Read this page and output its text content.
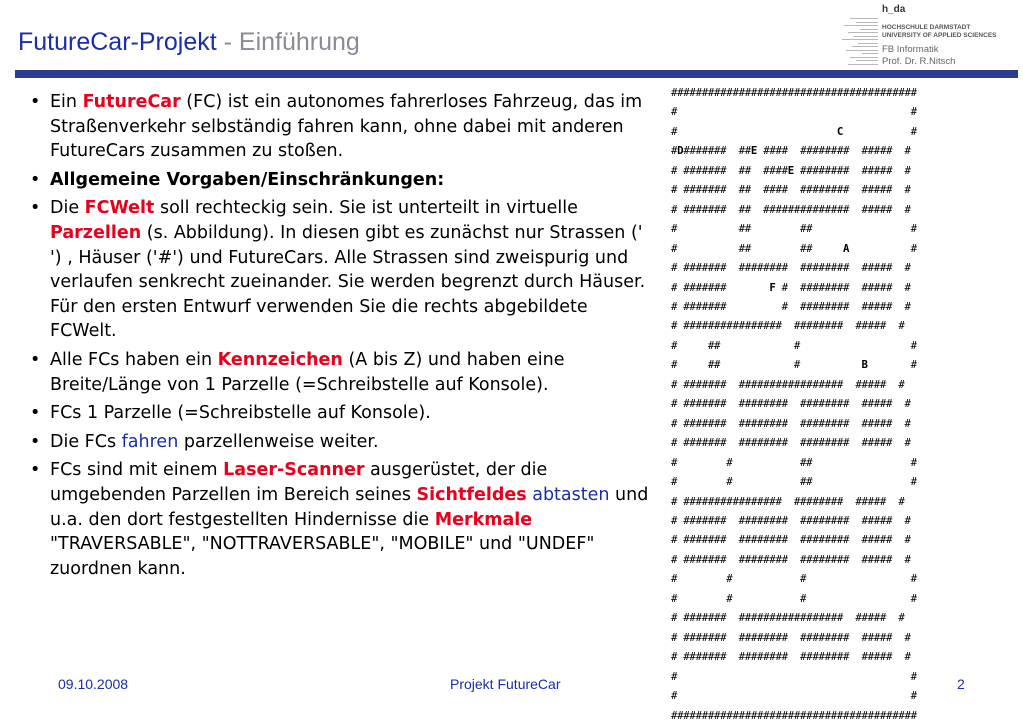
FutureCar-Projekt - Einführung
h_da
HOCHSCHULE DARMSTADT
UNIVERSITY OF APPLIED SCIENCES
FB Informatik
Prof. Dr. R.Nitsch
• Ein FutureCar (FC) ist ein autonomes fahrerloses Fahrzeug, das im Straßenverkehr selbständig fahren kann, ohne dabei mit anderen FutureCars zusammen zu stoßen.
• Allgemeine Vorgaben/Einschränkungen:
• Die FCWelt soll rechteckig sein. Sie ist unterteilt in virtuelle Parzellen (s. Abbildung). In diesen gibt es zunächst nur Strassen (' ') , Häuser ('#') und FutureCars. Alle Strassen sind zweispurig und verlaufen senkrecht zueinander. Sie werden begrenzt durch Häuser. Für den ersten Entwurf verwenden Sie die rechts abgebildete FCWelt.
• Alle FCs haben ein Kennzeichen (A bis Z) und haben eine Breite/Länge von 1 Parzelle (=Schreibstelle auf Konsole).
• FCs 1 Parzelle (=Schreibstelle auf Konsole).
• Die FCs fahren parzellenweise weiter.
• FCs sind mit einem Laser-Scanner ausgerüstet, der die umgebenden Parzellen im Bereich seines Sichtfeldes abtasten und u.a. den dort festgestellten Hindernisse die Merkmale "TRAVERSABLE", "NOTTRAVERSABLE", "MOBILE" und "UNDEF" zuordnen kann.
########################################
#                                      #
#                          C           #
#D#######  ##E ####  ########  #####  #
# #######  ##  ####E ########  #####  #
# #######  ##  ####  ########  #####  #
# #######  ##  ##############  #####  #
#          ##        ##                #
#          ##        ##     A          #
# #######  ########  ########  #####  #
# #######       F #  ########  #####  #
# #######         #  ########  #####  #
# ################  ########  #####  #
#     ##            #                  #
#     ##            #          B       #
# #######  #################  #####  #
# #######  ########  ########  #####  #
# #######  ########  ########  #####  #
# #######  ########  ########  #####  #
#        #           ##                #
#        #           ##                #
# ################  ########  #####  #
# #######  ########  ########  #####  #
# #######  ########  ########  #####  #
# #######  ########  ########  #####  #
#        #           #                 #
#        #           #                 #
# #######  #################  #####  #
# #######  ########  ########  #####  #
# #######  ########  ########  #####  #
#                                      #
#                                      #
########################################
09.10.2008	Projekt FutureCar	2
